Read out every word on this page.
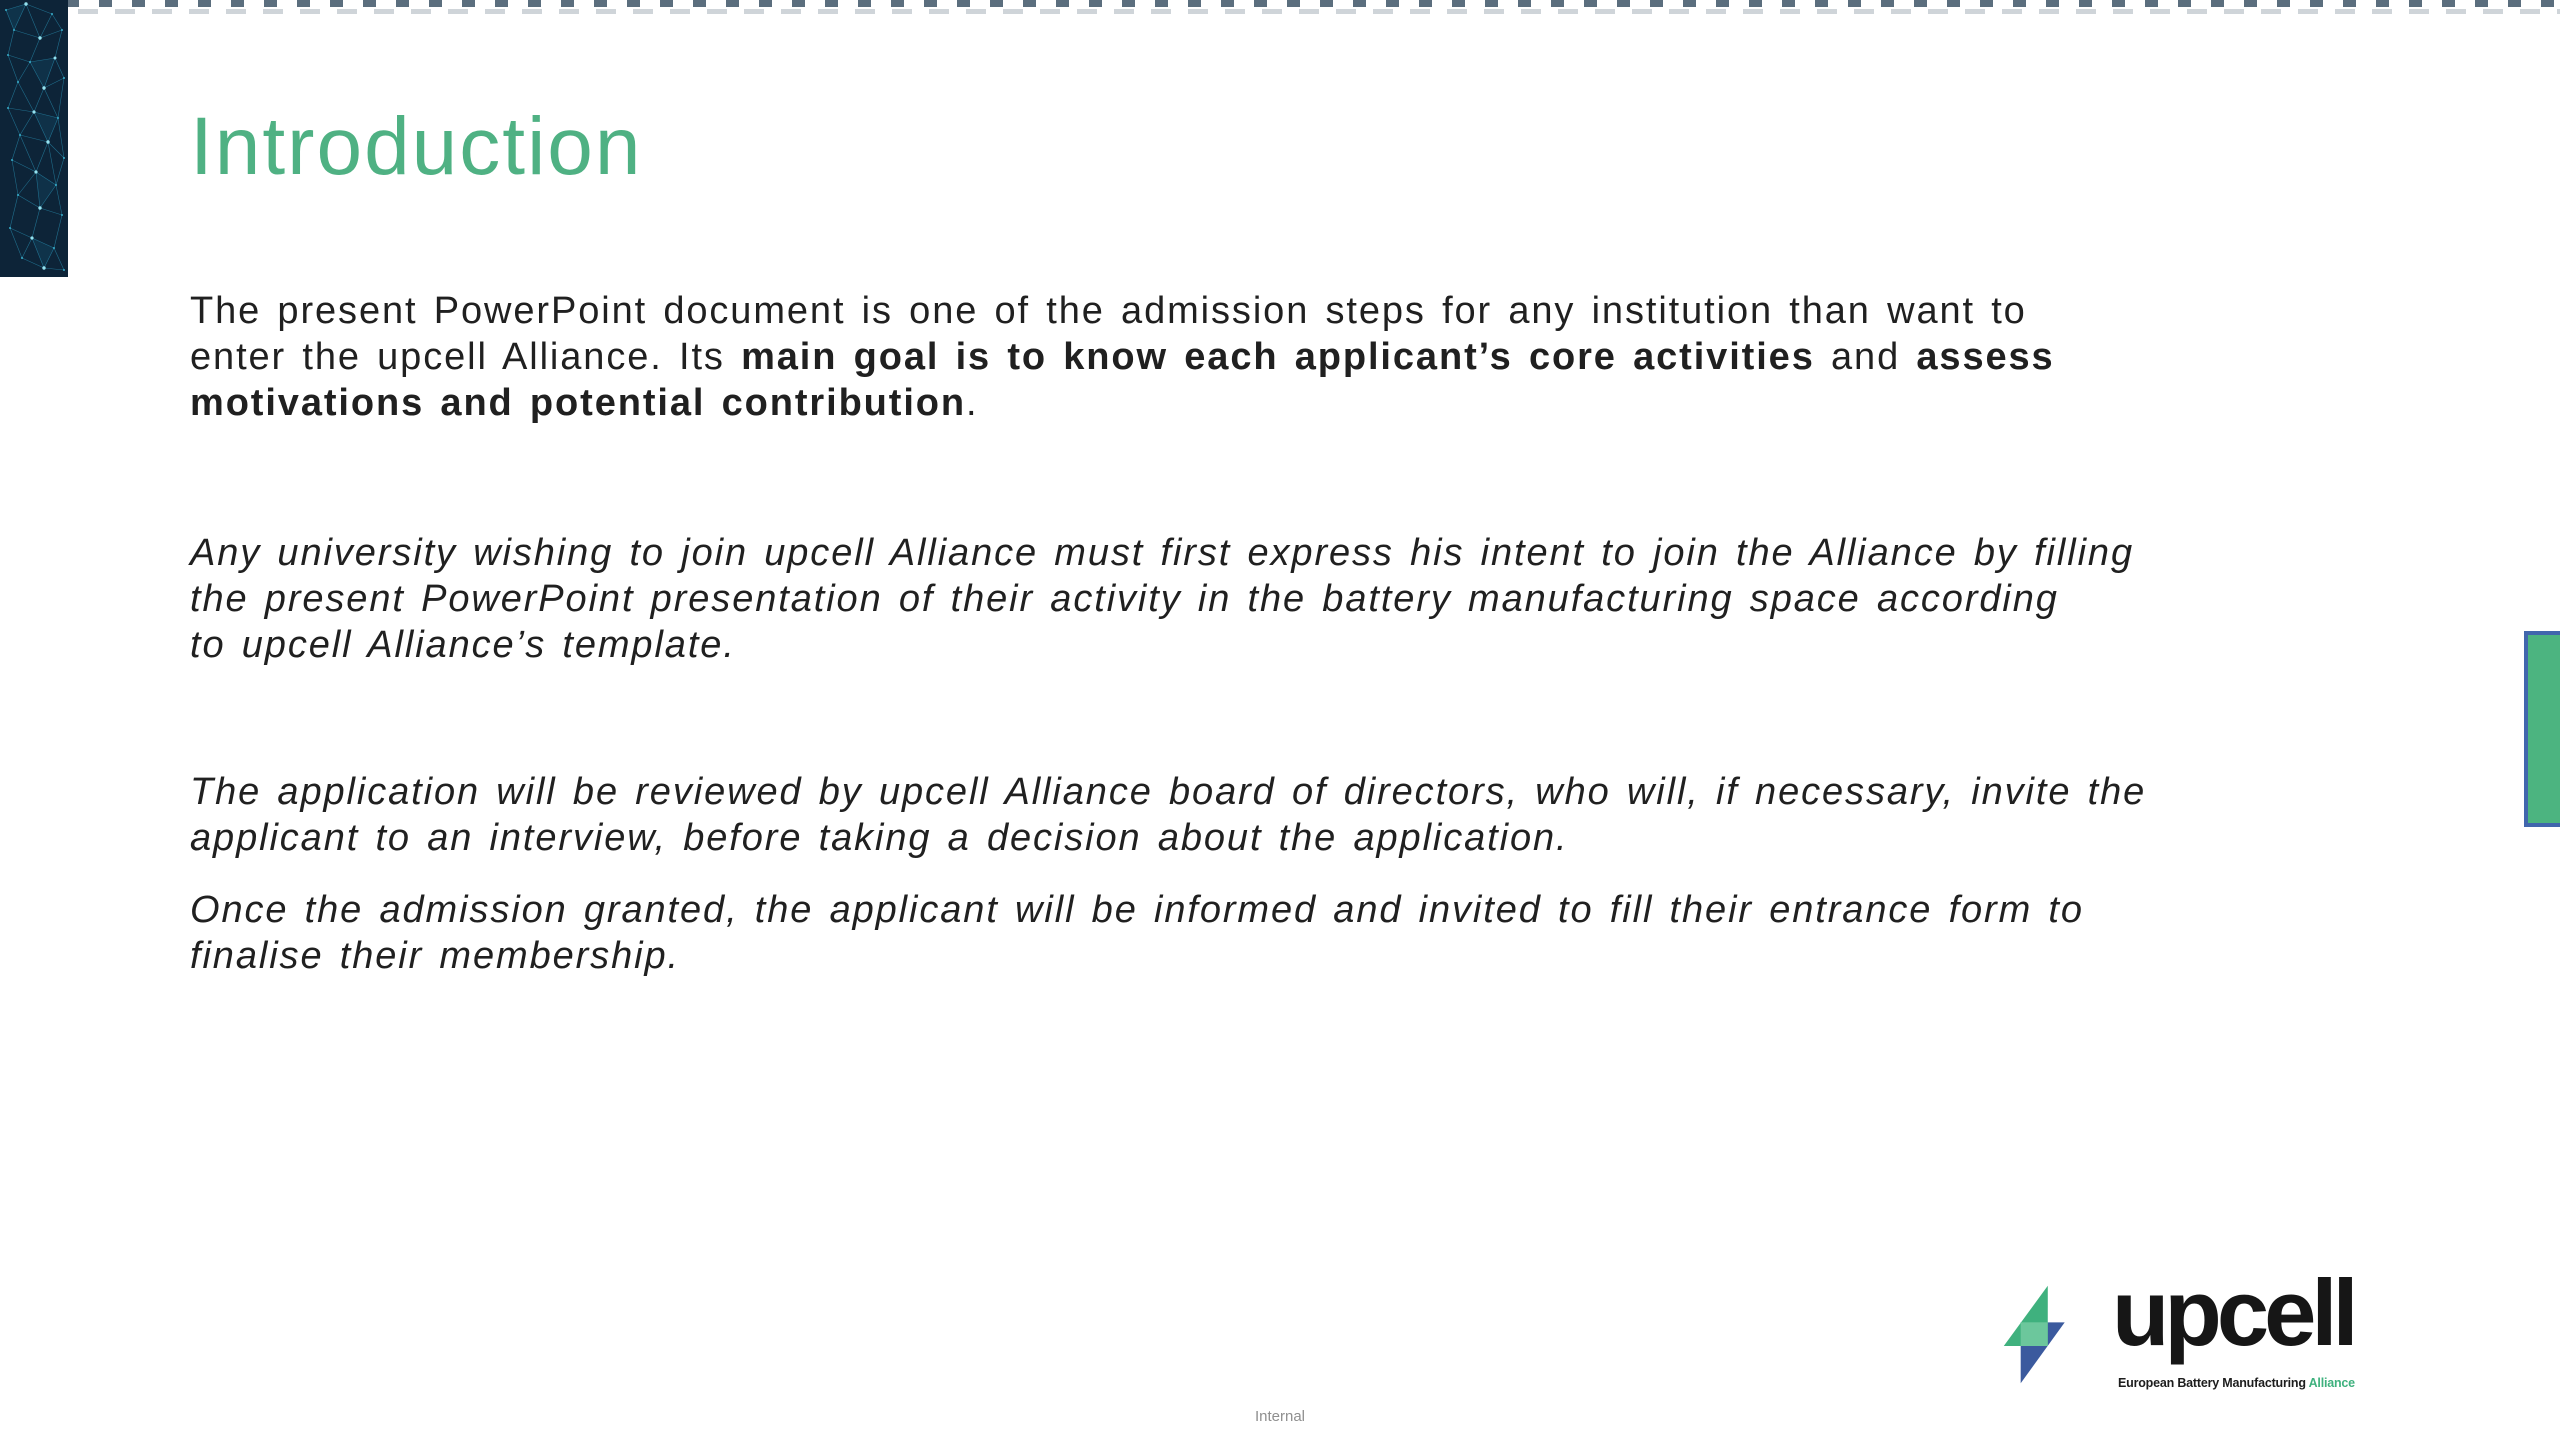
Introduction
The present PowerPoint document is one of the admission steps for any institution than want to
enter the upcell Alliance. Its main goal is to know each applicant’s core activities and assess
motivations and potential contribution.
Any university wishing to join upcell Alliance must first express his intent to join the Alliance by filling
the present PowerPoint presentation of their activity in the battery manufacturing space according
to upcell Alliance’s template.
The application will be reviewed by upcell Alliance board of directors, who will, if necessary, invite the
applicant to an interview, before taking a decision about the application.
Once the admission granted, the applicant will be informed and invited to fill their entrance form to
finalise their membership.
upcell
European Battery Manufacturing Alliance
Internal
